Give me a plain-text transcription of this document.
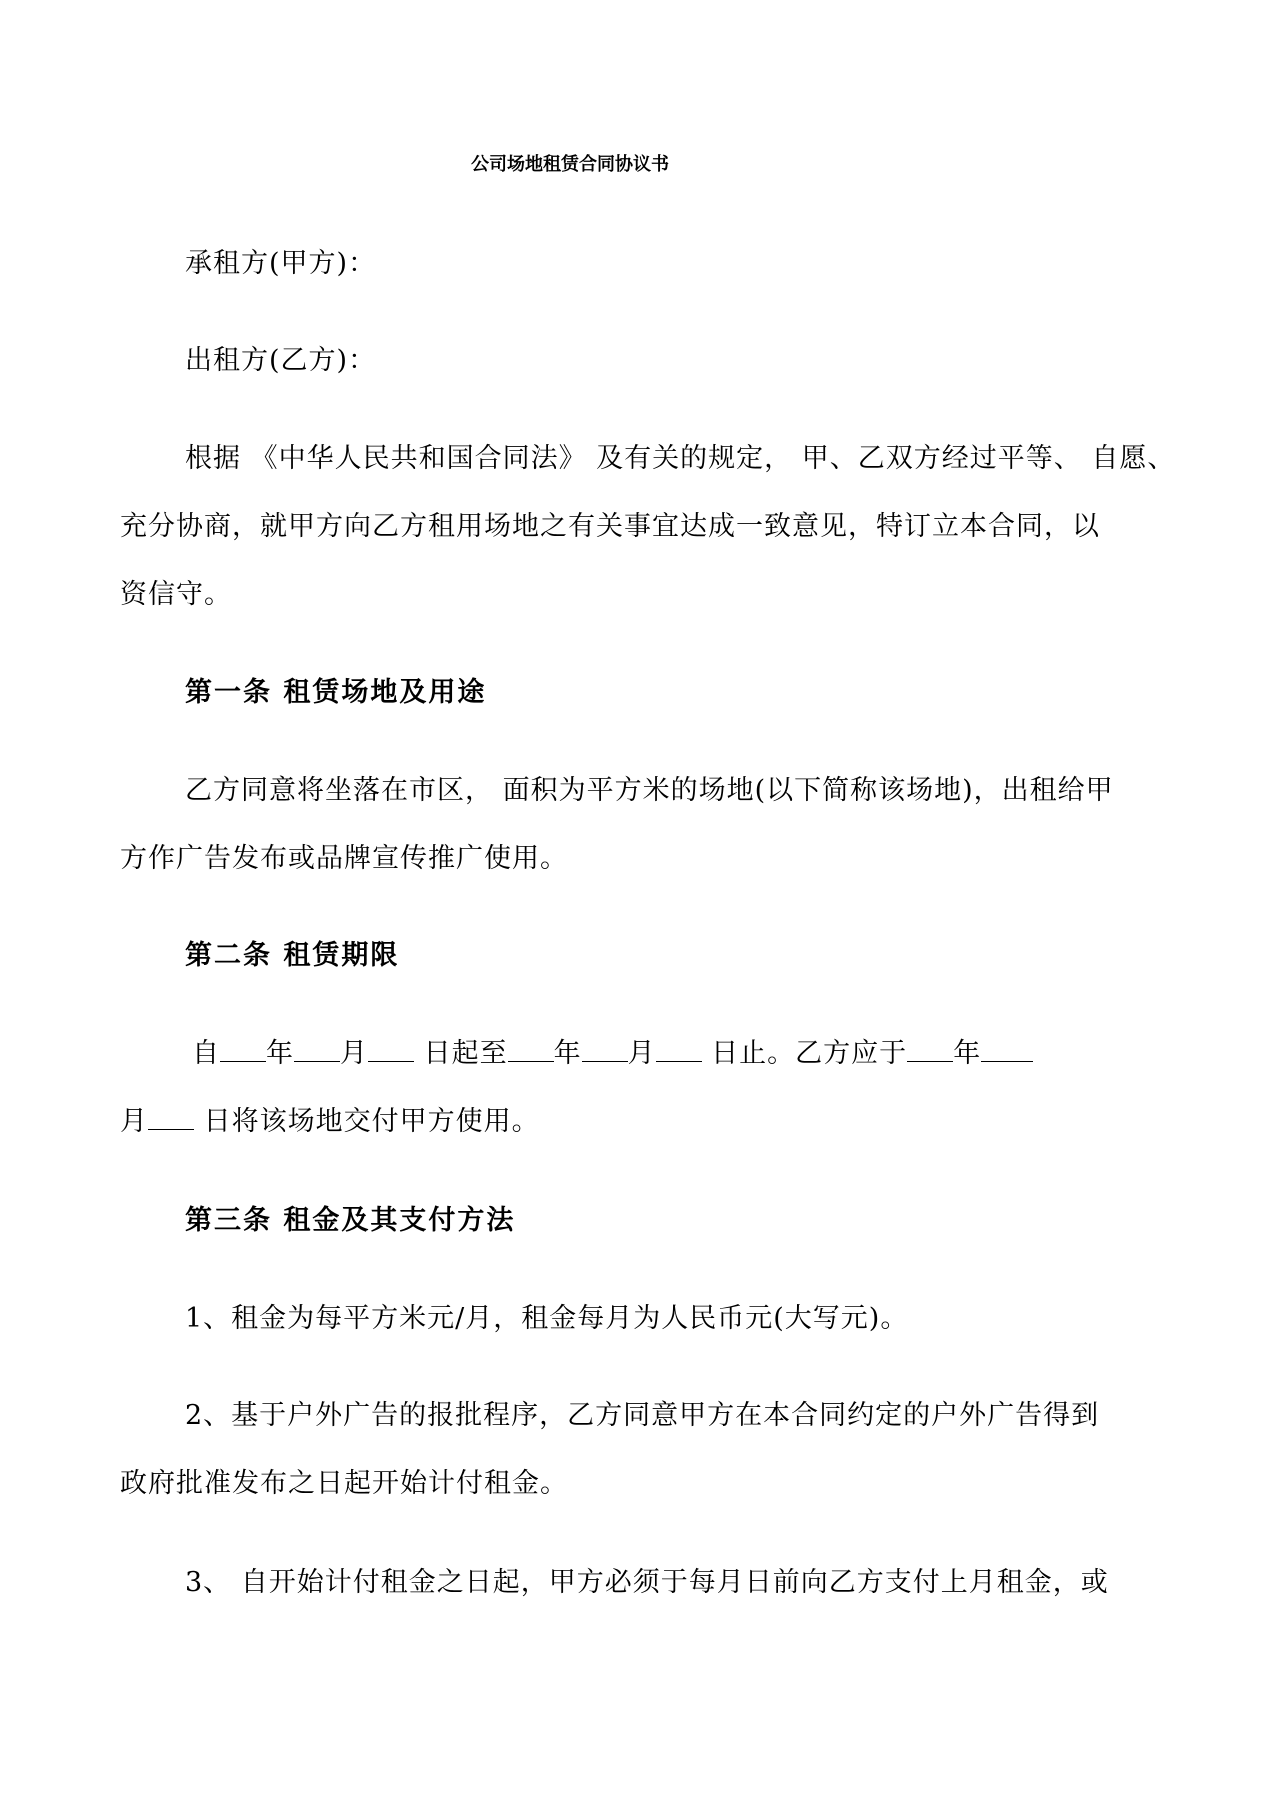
公司场地租赁合同协议书
承租方(甲方)：
出租方(乙方)：
根据 《中华人民共和国合同法》 及有关的规定， 甲、乙双方经过平等、 自愿、
充分协商，就甲方向乙方租用场地之有关事宜达成一致意见，特订立本合同，以
资信守。
第一条 租赁场地及用途
乙方同意将坐落在市区， 面积为平方米的场地(以下简称该场地)，出租给甲
方作广告发布或品牌宣传推广使用。
第二条 租赁期限
自 年 月 日起至 年 月 日止。乙方应于 年
月 日将该场地交付甲方使用。
第三条 租金及其支付方法
1、租金为每平方米元/月，租金每月为人民币元(大写元)。
2、基于户外广告的报批程序，乙方同意甲方在本合同约定的户外广告得到
政府批准发布之日起开始计付租金。
3、 自开始计付租金之日起，甲方必须于每月日前向乙方支付上月租金，或
